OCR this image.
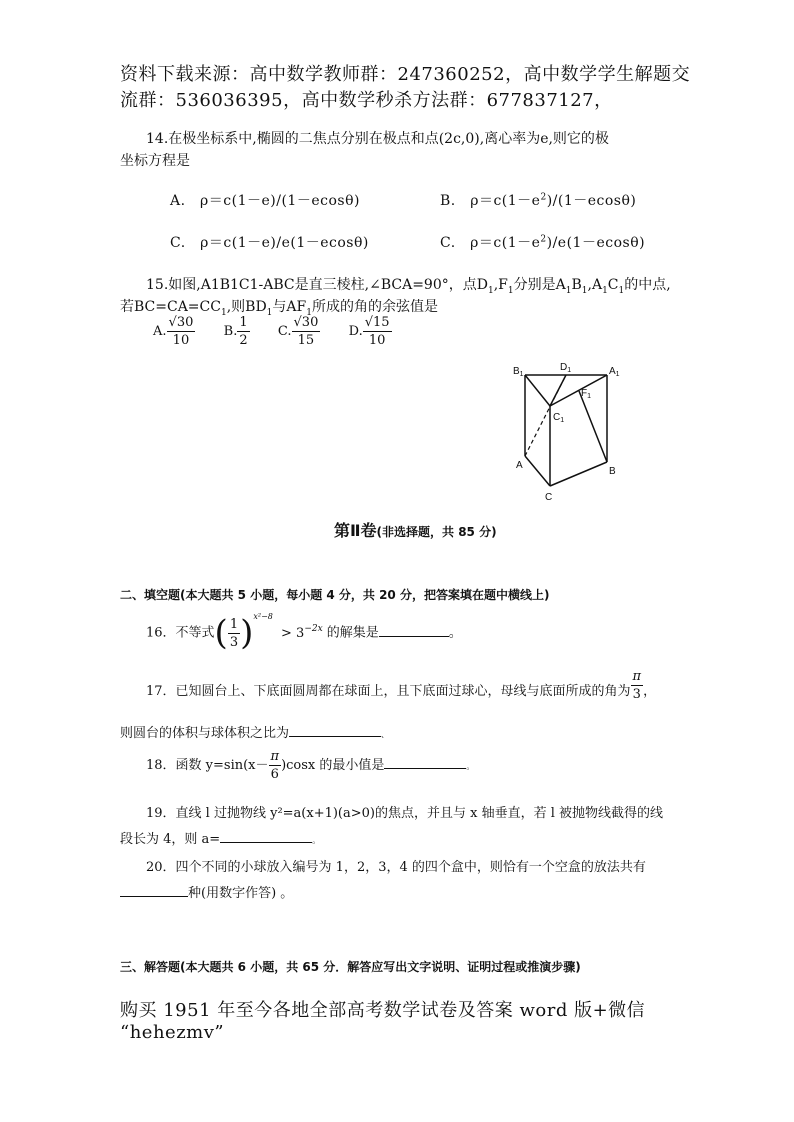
资料下载来源：高中数学教师群：247360252，高中数学学生解题交
流群：536036395，高中数学秒杀方法群：677837127，
14.在极坐标系中,椭圆的二焦点分别在极点和点(2c,0),离心率为e,则它的极
坐标方程是
A.　ρ＝c(1－e)/(1－ecosθ)	B.　$\rho=c(1-e^2)/(1-ecos\theta)$
C.　ρ＝c(1－e)/e(1－ecosθ)	C.　$\rho=c(1-e^2)/e(1-ecos\theta)$
15.如图,A1B1C1-ABC是直三棱柱,∠BCA=90°，点$D_1,F_1$分别是$A_1B_1,A_1C_1$的中点,
若$BC=CA=CC_1$,则$BD_1$与$AF_1$所成的角的余弦值是
A. $\frac{√30}{10} B$. $\frac{1}{2} C$. $\frac{√30}{15} D$. $\frac{√15}{10}$
$B_1$
$D_1$	$A_1$
$F_1$
$C_1$
A
B
C
第Ⅱ卷(非选择题，共 85 分)
二、填空题(本大题共 5 小题，每小题 4 分，共 20 分，把答案填在题中横线上)
16．不等式( $\frac{1}{3} )^{x^2-8} > 3^{-2x}$ 的解集是	。
17．已知圆台上、下底面圆周都在球面上，且下底面过球心，母线与底面所成的角为 $\frac{\pi}{3}$ ，
则圆台的体积与球体积之比为	、
18．函数 $y=\sin(x- \frac{\pi}{6} )\cos x$ 的最小值是	。
19．直线 l 过抛物线 y²=a(x+1)(a>0)的焦点，并且与 x 轴垂直，若 l 被抛物线截得的线
段长为 4，则 a=	。
20．四个不同的小球放入编号为 1，2，3，4 的四个盒中，则恰有一个空盒的放法共有
种(用数字作答) 。
三、解答题(本大题共 6 小题，共 65 分．解答应写出文字说明、证明过程或推演步骤)
购买 1951 年至今各地全部高考数学试卷及答案 word 版+微信
“hehezmv”
